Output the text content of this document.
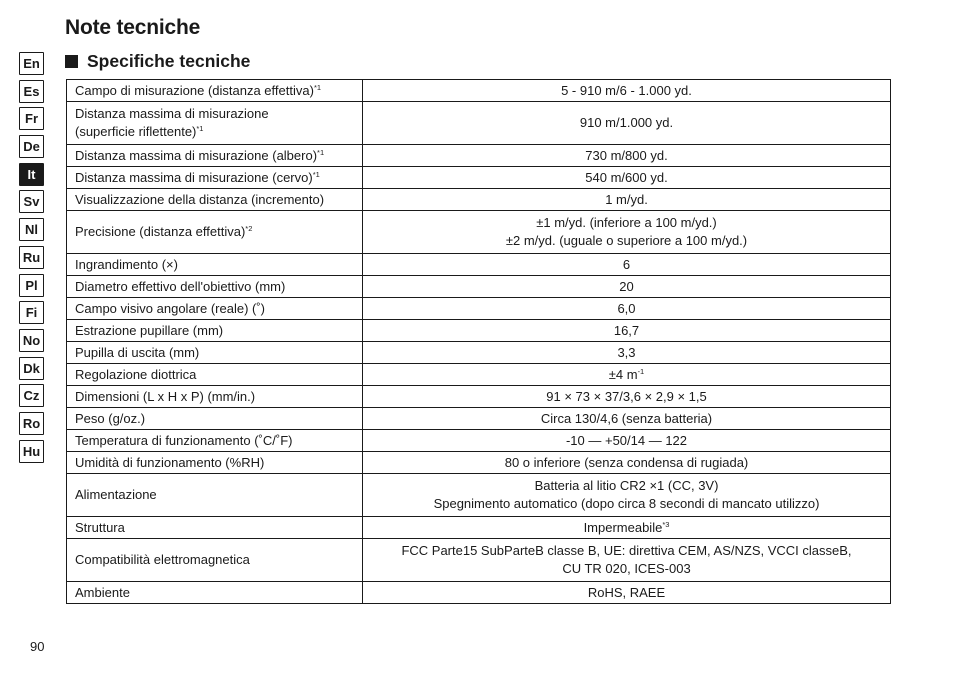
Note tecniche
Specifiche tecniche
En
Es
Fr
De
It
Sv
Nl
Ru
Pl
Fi
No
Dk
Cz
Ro
Hu
Campo di misurazione (distanza effettiva)$^{*1}$	5 - 910 m/6 - 1.000 yd.
Distanza massima di misurazione
(superficie riflettente)$^{*1}$	910 m/1.000 yd.
Distanza massima di misurazione (albero)$^{*1}$	730 m/800 yd.
Distanza massima di misurazione (cervo)$^{*1}$	540 m/600 yd.
Visualizzazione della distanza (incremento)	1 m/yd.
Precisione (distanza effettiva)$^{*2}$	±1 m/yd. (inferiore a 100 m/yd.)
±2 m/yd. (uguale o superiore a 100 m/yd.)
Ingrandimento (×)	6
Diametro effettivo dell'obiettivo (mm)	20
Campo visivo angolare (reale) (˚)	6,0
Estrazione pupillare (mm)	16,7
Pupilla di uscita (mm)	3,3
Regolazione diottrica	±4 $m^{-1}$
Dimensioni (L x H x P) (mm/in.)	91 × 73 × 37/3,6 × 2,9 × 1,5
Peso (g/oz.)	Circa 130/4,6 (senza batteria)
Temperatura di funzionamento (˚C/˚F)	-10 — +50/14 — 122
Umidità di funzionamento (%RH)	80 o inferiore (senza condensa di rugiada)
Alimentazione	Batteria al litio CR2 ×1 (CC, 3V)
Spegnimento automatico (dopo circa 8 secondi di mancato utilizzo)
Struttura	Impermeabile$^{*3}$
Compatibilità elettromagnetica	FCC Parte15 SubParteB classe B, UE: direttiva CEM, AS/NZS, VCCI classeB,
CU TR 020, ICES-003
Ambiente	RoHS, RAEE
90
